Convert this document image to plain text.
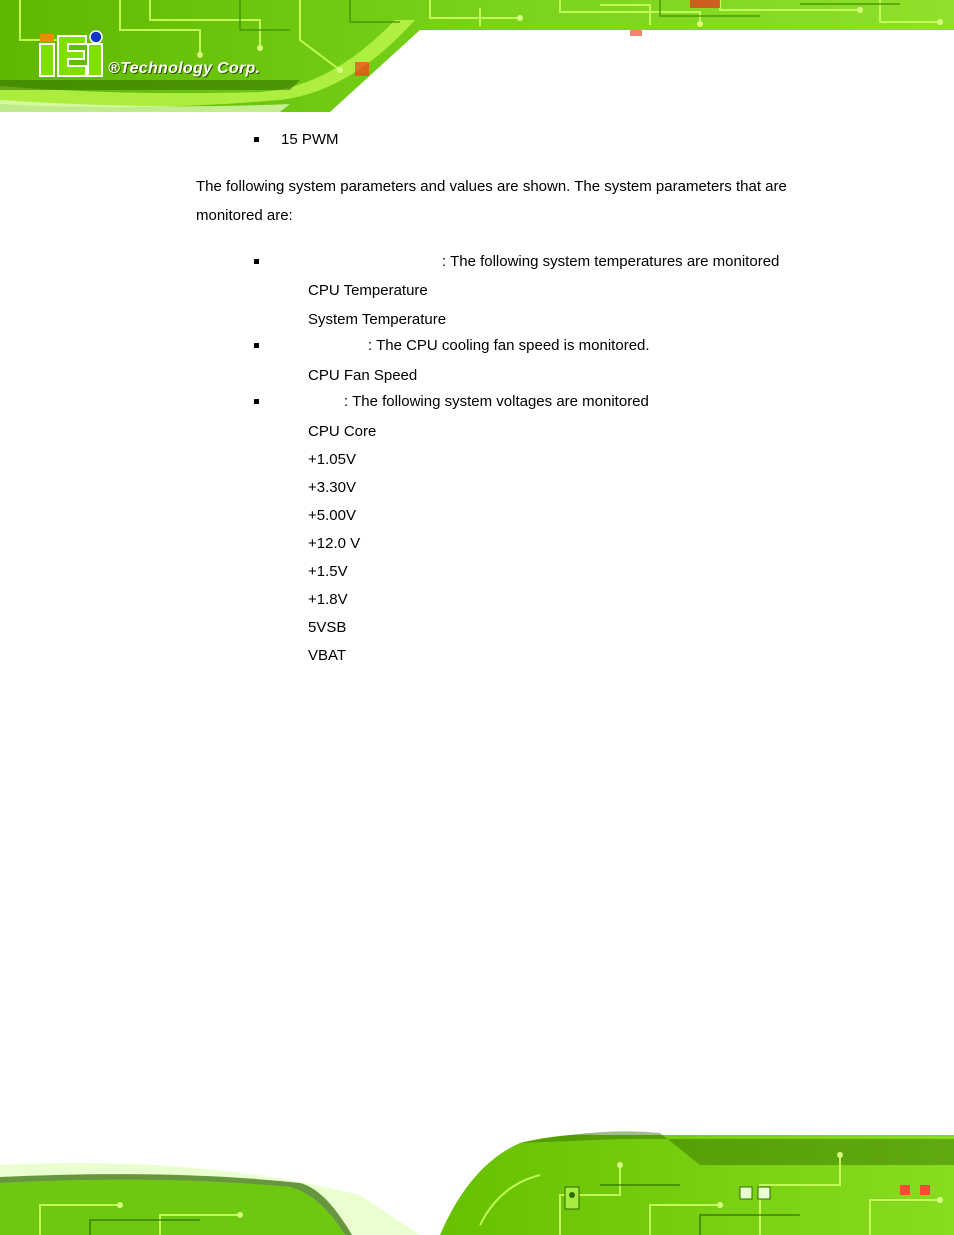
®Technology Corp.
15 PWM
The following system parameters and values are shown. The system parameters that are
monitored are:
: The following system temperatures are monitored
CPU Temperature
System Temperature
: The CPU cooling fan speed is monitored.
CPU Fan Speed
: The following system voltages are monitored
CPU Core
+1.05V
+3.30V
+5.00V
+12.0 V
+1.5V
+1.8V
5VSB
VBAT
